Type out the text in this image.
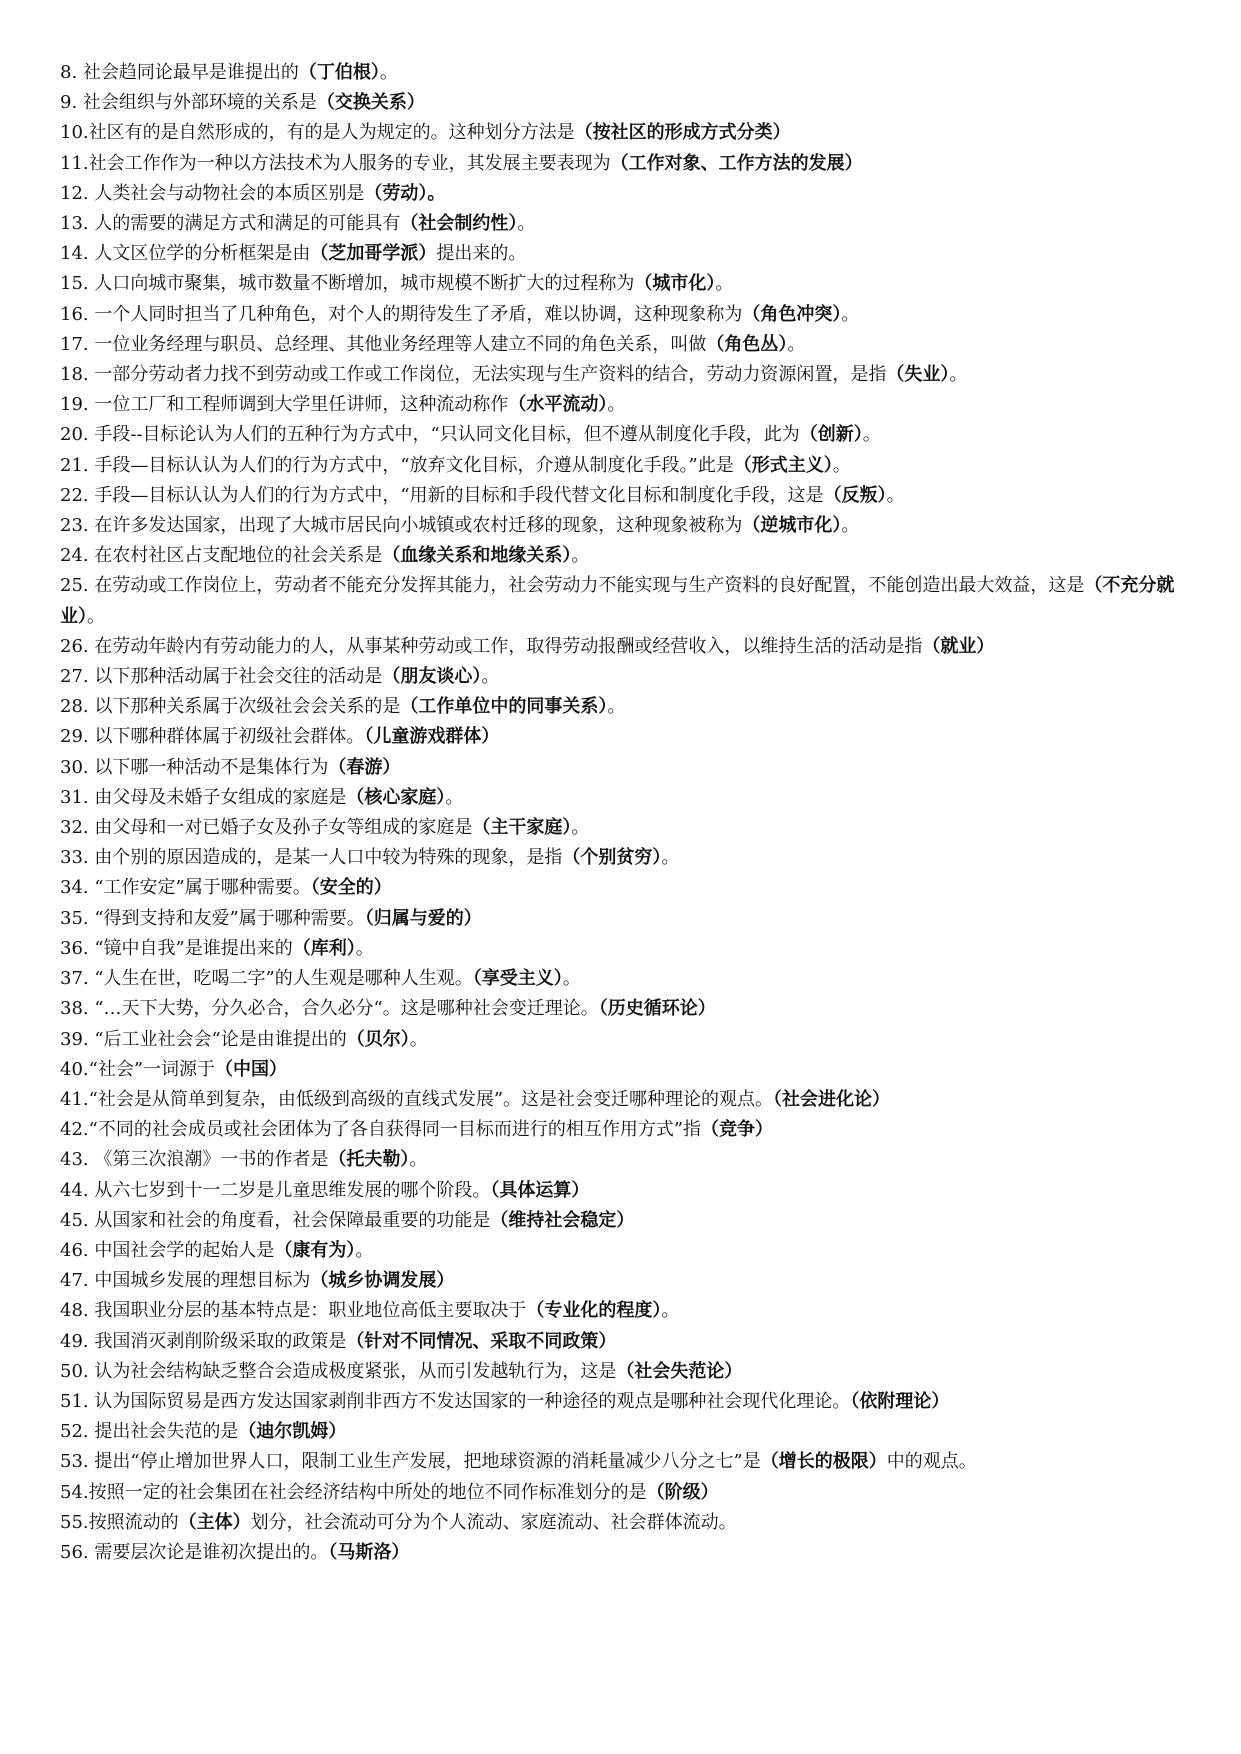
8. 社会趋同论最早是谁提出的（丁伯根）。
9. 社会组织与外部环境的关系是（交换关系）
10.社区有的是自然形成的，有的是人为规定的。这种划分方法是（按社区的形成方式分类）
11.社会工作作为一种以方法技术为人服务的专业，其发展主要表现为（工作对象、工作方法的发展）
12. 人类社会与动物社会的本质区别是（劳动）。
13. 人的需要的满足方式和满足的可能具有（社会制约性）。
14. 人文区位学的分析框架是由（芝加哥学派）提出来的。
15. 人口向城市聚集，城市数量不断增加，城市规模不断扩大的过程称为（城市化）。
16. 一个人同时担当了几种角色，对个人的期待发生了矛盾，难以协调，这种现象称为（角色冲突）。
17. 一位业务经理与职员、总经理、其他业务经理等人建立不同的角色关系，叫做（角色丛）。
18. 一部分劳动者力找不到劳动或工作或工作岗位，无法实现与生产资料的结合，劳动力资源闲置，是指（失业）。
19. 一位工厂和工程师调到大学里任讲师，这种流动称作（水平流动）。
20. 手段--目标论认为人们的五种行为方式中，“只认同文化目标，但不遵从制度化手段，此为（创新）。
21. 手段—目标认认为人们的行为方式中，“放弃文化目标，介遵从制度化手段。”此是（形式主义）。
22. 手段—目标认认为人们的行为方式中，“用新的目标和手段代替文化目标和制度化手段，这是（反叛）。
23. 在许多发达国家，出现了大城市居民向小城镇或农村迁移的现象，这种现象被称为（逆城市化）。
24. 在农村社区占支配地位的社会关系是（血缘关系和地缘关系）。
25. 在劳动或工作岗位上，劳动者不能充分发挥其能力，社会劳动力不能实现与生产资料的良好配置，不能创造出最大效益，这是（不充分就业）。
26. 在劳动年龄内有劳动能力的人，从事某种劳动或工作，取得劳动报酬或经营收入，以维持生活的活动是指（就业）
27. 以下那种活动属于社会交往的活动是（朋友谈心）。
28. 以下那种关系属于次级社会会关系的是（工作单位中的同事关系）。
29. 以下哪种群体属于初级社会群体。（儿童游戏群体）
30. 以下哪一种活动不是集体行为（春游）
31. 由父母及未婚子女组成的家庭是（核心家庭）。
32. 由父母和一对已婚子女及孙子女等组成的家庭是（主干家庭）。
33. 由个别的原因造成的，是某一人口中较为特殊的现象，是指（个别贫穷）。
34. “工作安定”属于哪种需要。（安全的）
35. “得到支持和友爱”属于哪种需要。（归属与爱的）
36. “镜中自我”是谁提出来的（库利）。
37. “人生在世，吃喝二字”的人生观是哪种人生观。（享受主义）。
38. “…天下大势，分久必合，合久必分“。这是哪种社会变迁理论。（历史循环论）
39. “后工业社会会“论是由谁提出的（贝尔）。
40.“社会”一词源于（中国）
41.“社会是从简单到复杂，由低级到高级的直线式发展”。这是社会变迁哪种理论的观点。（社会进化论）
42.“不同的社会成员或社会团体为了各自获得同一目标而进行的相互作用方式”指（竞争）
43. 《第三次浪潮》一书的作者是（托夫勒）。
44. 从六七岁到十一二岁是儿童思维发展的哪个阶段。（具体运算）
45. 从国家和社会的角度看，社会保障最重要的功能是（维持社会稳定）
46. 中国社会学的起始人是（康有为）。
47. 中国城乡发展的理想目标为（城乡协调发展）
48. 我国职业分层的基本特点是：职业地位高低主要取决于（专业化的程度）。
49. 我国消灭剥削阶级采取的政策是（针对不同情况、采取不同政策）
50. 认为社会结构缺乏整合会造成极度紧张，从而引发越轨行为，这是（社会失范论）
51. 认为国际贸易是西方发达国家剥削非西方不发达国家的一种途径的观点是哪种社会现代化理论。（依附理论）
52. 提出社会失范的是（迪尔凯姆）
53. 提出“停止增加世界人口，限制工业生产发展，把地球资源的消耗量减少八分之七”是（增长的极限）中的观点。
54.按照一定的社会集团在社会经济结构中所处的地位不同作标准划分的是（阶级）
55.按照流动的（主体）划分，社会流动可分为个人流动、家庭流动、社会群体流动。
56. 需要层次论是谁初次提出的。（马斯洛）
